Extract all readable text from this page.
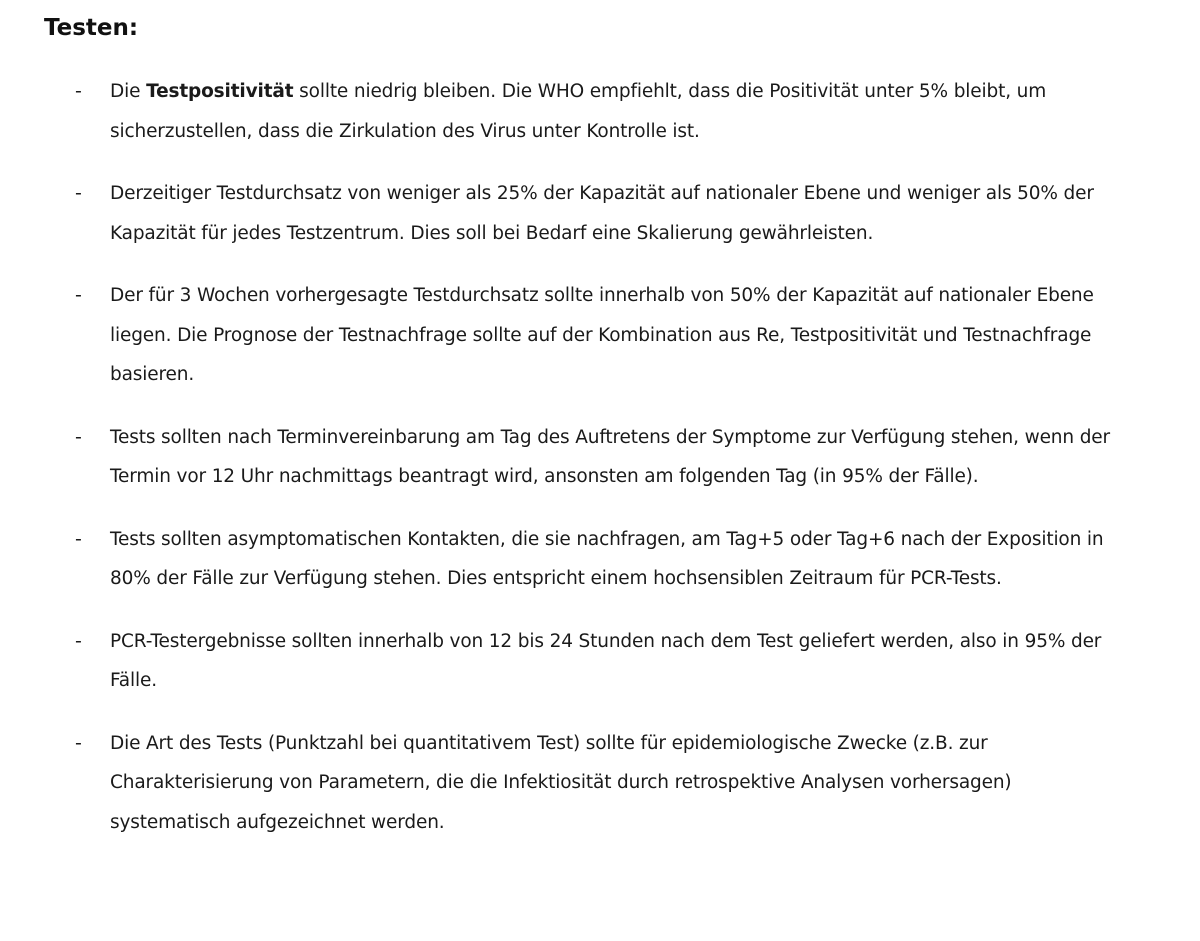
Testen:
- Die Testpositivität sollte niedrig bleiben. Die WHO empfiehlt, dass die Positivität unter 5% bleibt, um sicherzustellen, dass die Zirkulation des Virus unter Kontrolle ist.
- Derzeitiger Testdurchsatz von weniger als 25% der Kapazität auf nationaler Ebene und weniger als 50% der Kapazität für jedes Testzentrum. Dies soll bei Bedarf eine Skalierung gewährleisten.
- Der für 3 Wochen vorhergesagte Testdurchsatz sollte innerhalb von 50% der Kapazität auf nationaler Ebene liegen. Die Prognose der Testnachfrage sollte auf der Kombination aus Re, Testpositivität und Testnachfrage basieren.
- Tests sollten nach Terminvereinbarung am Tag des Auftretens der Symptome zur Verfügung stehen, wenn der Termin vor 12 Uhr nachmittags beantragt wird, ansonsten am folgenden Tag (in 95% der Fälle).
- Tests sollten asymptomatischen Kontakten, die sie nachfragen, am Tag+5 oder Tag+6 nach der Exposition in 80% der Fälle zur Verfügung stehen. Dies entspricht einem hochsensiblen Zeitraum für PCR-Tests.
- PCR-Testergebnisse sollten innerhalb von 12 bis 24 Stunden nach dem Test geliefert werden, also in 95% der Fälle.
- Die Art des Tests (Punktzahl bei quantitativem Test) sollte für epidemiologische Zwecke (z.B. zur Charakterisierung von Parametern, die die Infektiosität durch retrospektive Analysen vorhersagen) systematisch aufgezeichnet werden.
